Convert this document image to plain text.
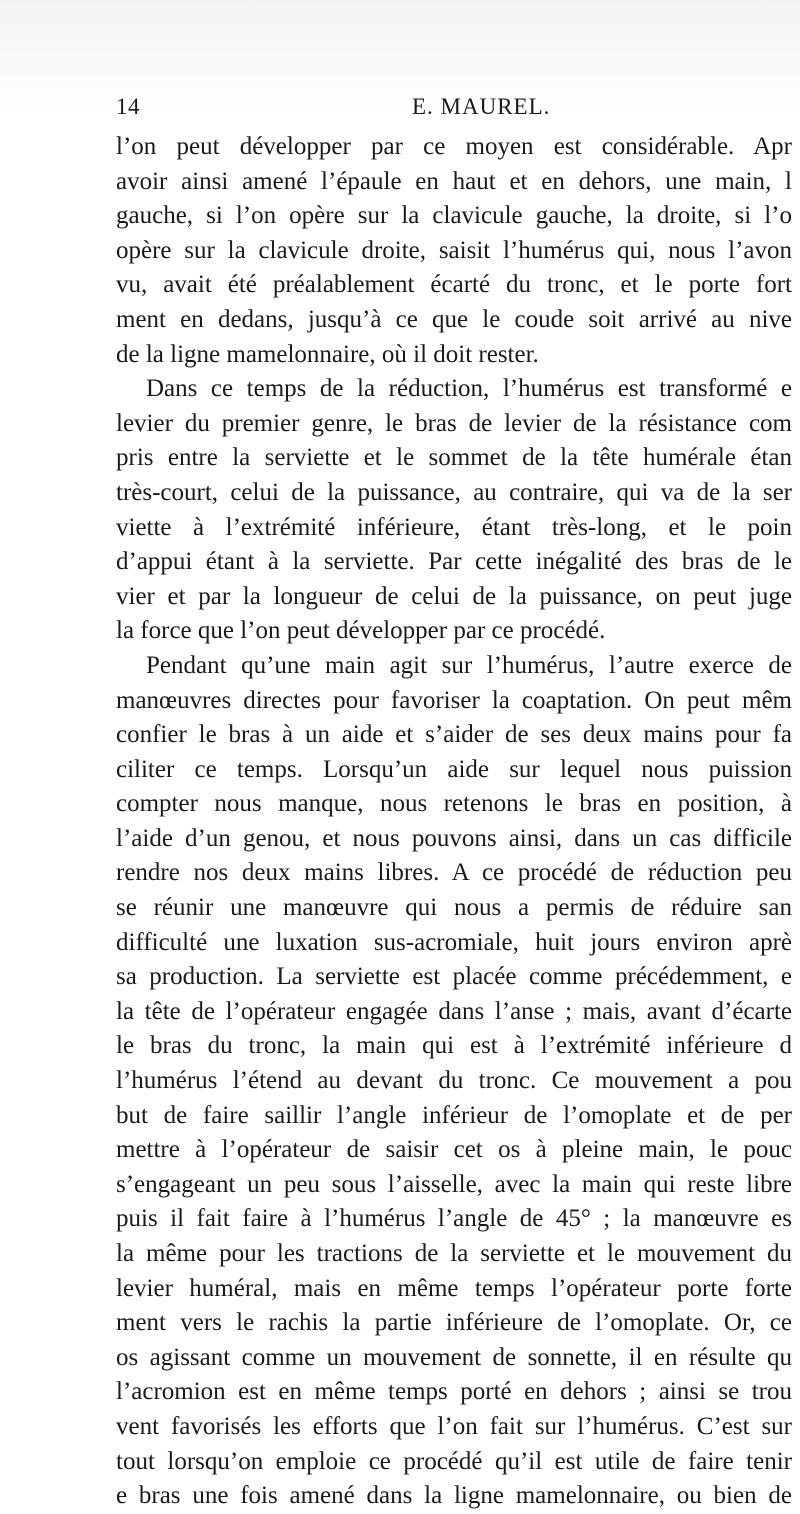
14	E. MAUREL.
l’on peut développer par ce moyen est considérable. Apr
avoir ainsi amené l’épaule en haut et en dehors, une main, l
gauche, si l’on opère sur la clavicule gauche, la droite, si l’o
opère sur la clavicule droite, saisit l’humérus qui, nous l’avon
vu, avait été préalablement écarté du tronc, et le porte fort
ment en dedans, jusqu’à ce que le coude soit arrivé au nive
de la ligne mamelonnaire, où il doit rester.
Dans ce temps de la réduction, l’humérus est transformé e
levier du premier genre, le bras de levier de la résistance com
pris entre la serviette et le sommet de la tête humérale étan
très-court, celui de la puissance, au contraire, qui va de la ser
viette à l’extrémité inférieure, étant très-long, et le poin
d’appui étant à la serviette. Par cette inégalité des bras de le
vier et par la longueur de celui de la puissance, on peut juge
la force que l’on peut développer par ce procédé.
Pendant qu’une main agit sur l’humérus, l’autre exerce de
manœuvres directes pour favoriser la coaptation. On peut mêm
confier le bras à un aide et s’aider de ses deux mains pour fa
ciliter ce temps. Lorsqu’un aide sur lequel nous puission
compter nous manque, nous retenons le bras en position, à
l’aide d’un genou, et nous pouvons ainsi, dans un cas difficile
rendre nos deux mains libres. A ce procédé de réduction peu
se réunir une manœuvre qui nous a permis de réduire san
difficulté une luxation sus-acromiale, huit jours environ aprè
sa production. La serviette est placée comme précédemment, e
la tête de l’opérateur engagée dans l’anse ; mais, avant d’écarte
le bras du tronc, la main qui est à l’extrémité inférieure d
l’humérus l’étend au devant du tronc. Ce mouvement a pou
but de faire saillir l’angle inférieur de l’omoplate et de per
mettre à l’opérateur de saisir cet os à pleine main, le pouc
s’engageant un peu sous l’aisselle, avec la main qui reste libre
puis il fait faire à l’humérus l’angle de 45° ; la manœuvre es
la même pour les tractions de la serviette et le mouvement du
levier huméral, mais en même temps l’opérateur porte forte
ment vers le rachis la partie inférieure de l’omoplate. Or, ce
os agissant comme un mouvement de sonnette, il en résulte qu
l’acromion est en même temps porté en dehors ; ainsi se trou
vent favorisés les efforts que l’on fait sur l’humérus. C’est sur
tout lorsqu’on emploie ce procédé qu’il est utile de faire tenir
e bras une fois amené dans la ligne mamelonnaire, ou bien de
